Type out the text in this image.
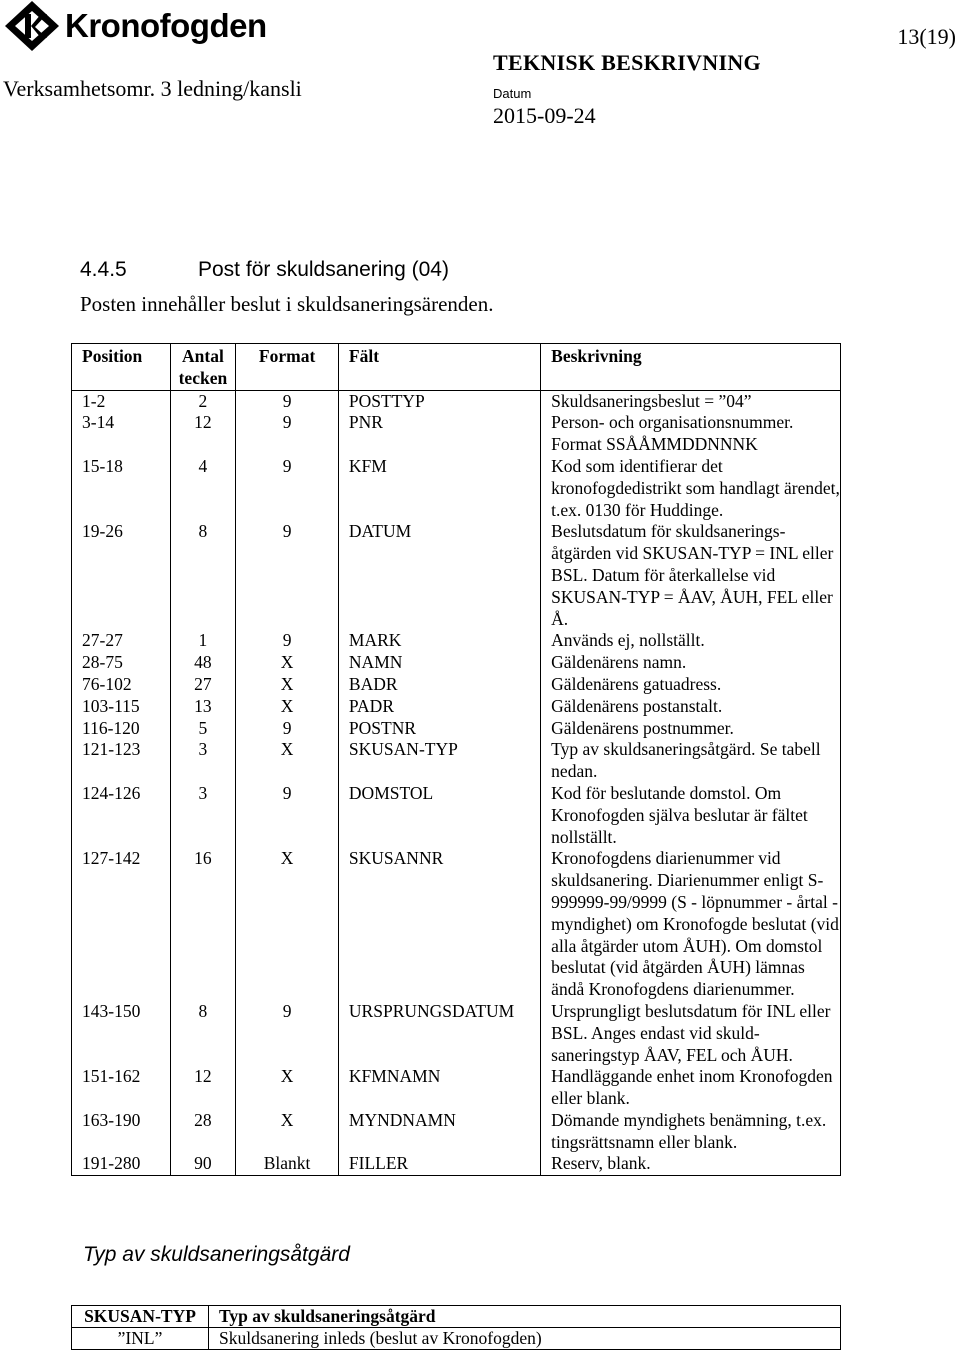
Kronofogden	13(19)
Verksamhetsomr. 3 ledning/kansli
TEKNISK BESKRIVNING
Datum
2015-09-24
4.4.5	Post för skuldsanering (04)
Posten innehåller beslut i skuldsaneringsärenden.
Position	Antal tecken	Format	Fält	Beskrivning
1-2	2	9	POSTTYP	Skuldsaneringsbeslut = ”04”
3-14	12	9	PNR	Person- och organisationsnummer. Format SSÅÅMMDDNNNK
15-18	4	9	KFM	Kod som identifierar det kronofogdedistrikt som handlagt ärendet, t.ex. 0130 för Huddinge.
19-26	8	9	DATUM	Beslutsdatum för skuldsanerings-åtgärden vid SKUSAN-TYP = INL eller BSL. Datum för återkallelse vid SKUSAN-TYP = ÅAV, ÅUH, FEL eller Å.
27-27	1	9	MARK	Används ej, nollställt.
28-75	48	X	NAMN	Gäldenärens namn.
76-102	27	X	BADR	Gäldenärens gatuadress.
103-115	13	X	PADR	Gäldenärens postanstalt.
116-120	5	9	POSTNR	Gäldenärens postnummer.
121-123	3	X	SKUSAN-TYP	Typ av skuldsaneringsåtgärd. Se tabell nedan.
124-126	3	9	DOMSTOL	Kod för beslutande domstol. Om Kronofogden själva beslutar är fältet nollställt.
127-142	16	X	SKUSANNR	Kronofogdens diarienummer vid skuldsanering. Diarienummer enligt S-999999-99/9999 (S - löpnummer - årtal - myndighet) om Kronofogde beslutat (vid alla åtgärder utom ÅUH). Om domstol beslutat (vid åtgärden ÅUH) lämnas ändå Kronofogdens diarienummer.
143-150	8	9	URSPRUNGSDATUM	Ursprungligt beslutsdatum för INL eller BSL. Anges endast vid skuld-saneringstyp ÅAV, FEL och ÅUH.
151-162	12	X	KFMNAMN	Handläggande enhet inom Kronofogden eller blank.
163-190	28	X	MYNDNAMN	Dömande myndighets benämning, t.ex. tingsrättsnamn eller blank.
191-280	90	Blankt	FILLER	Reserv, blank.
Typ av skuldsaneringsåtgärd
SKUSAN-TYP	Typ av skuldsaneringsåtgärd
”INL”	Skuldsanering inleds (beslut av Kronofogden)
